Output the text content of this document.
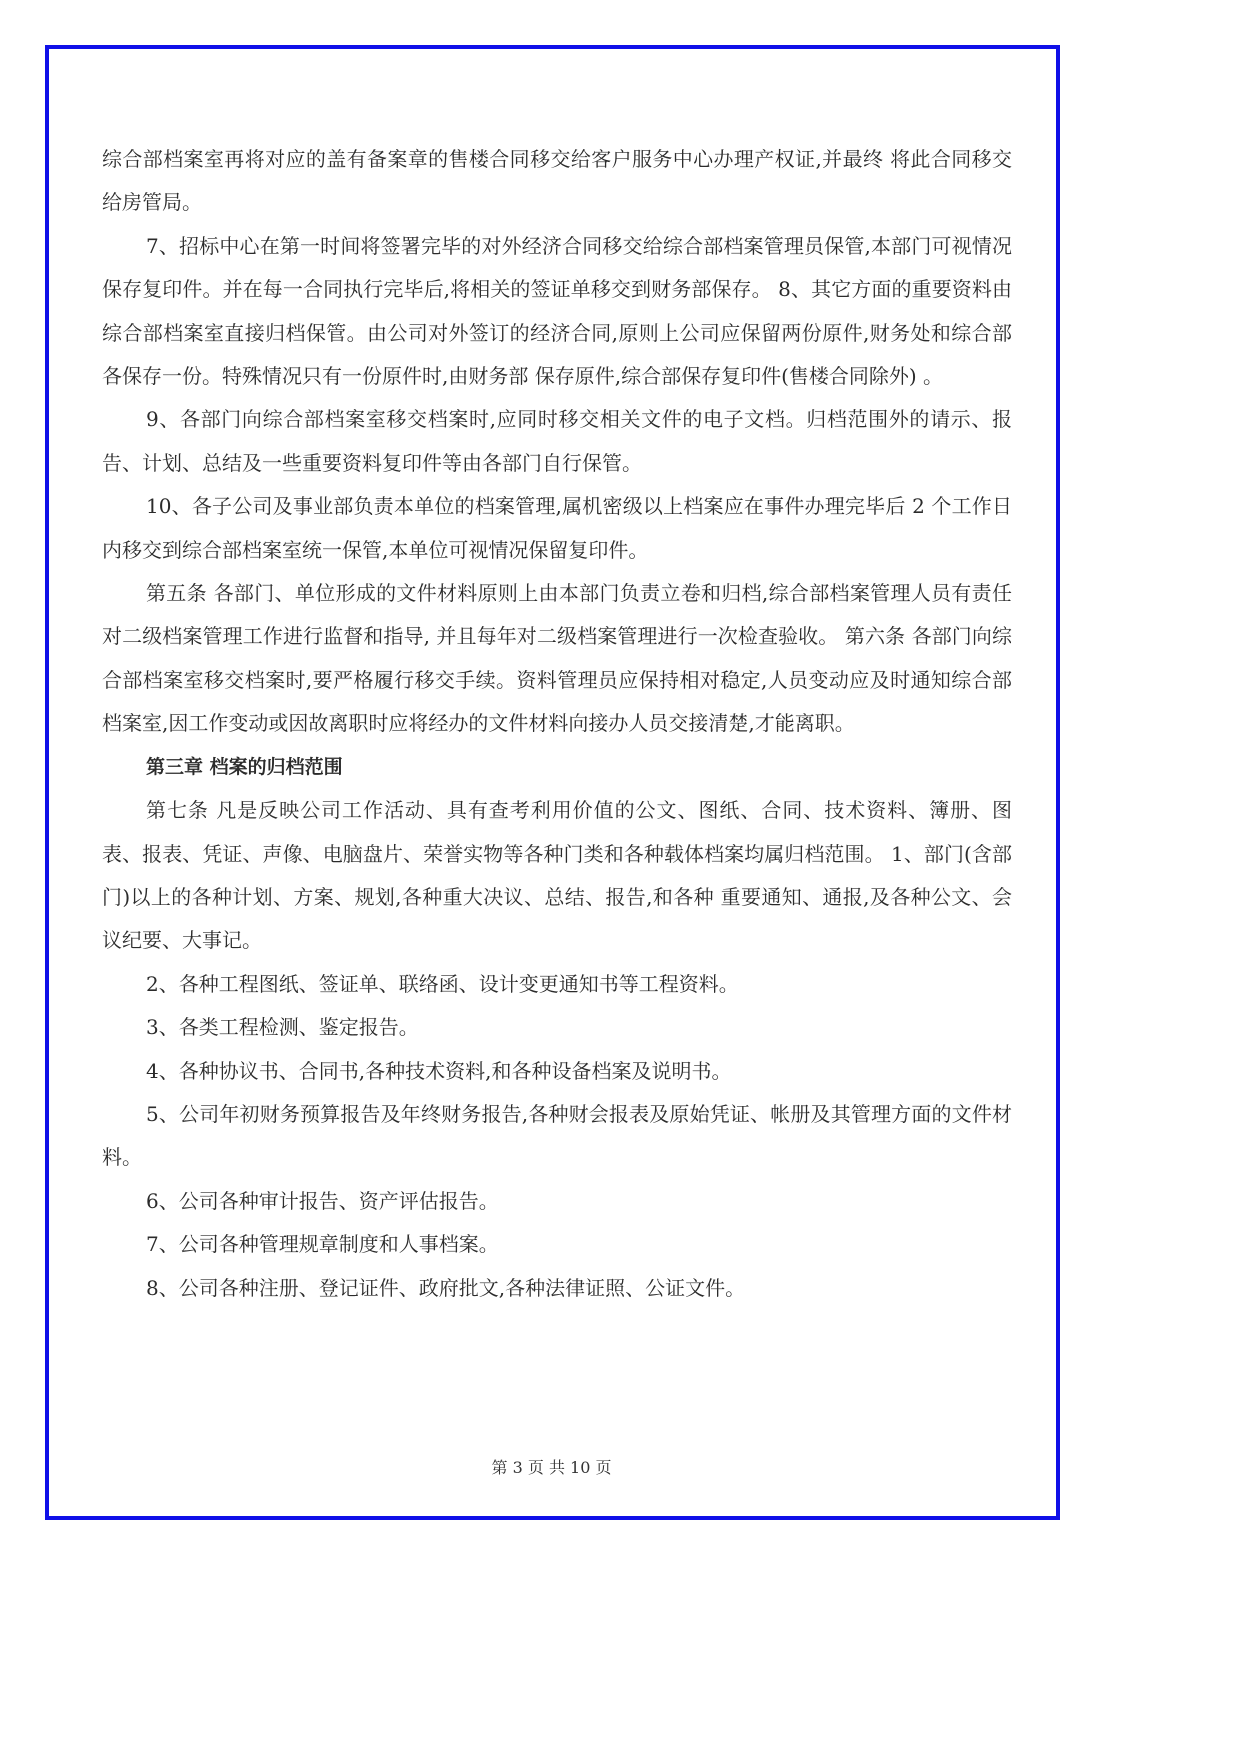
综合部档案室再将对应的盖有备案章的售楼合同移交给客户服务中心办理产权证,并最终 将此合同移交给房管局。

7、招标中心在第一时间将签署完毕的对外经济合同移交给综合部档案管理员保管,本部门可视情况保存复印件。并在每一合同执行完毕后,将相关的签证单移交到财务部保存。 8、其它方面的重要资料由综合部档案室直接归档保管。由公司对外签订的经济合同,原则上公司应保留两份原件,财务处和综合部各保存一份。特殊情况只有一份原件时,由财务部 保存原件,综合部保存复印件(售楼合同除外) 。

9、各部门向综合部档案室移交档案时,应同时移交相关文件的电子文档。归档范围外的请示、报告、计划、总结及一些重要资料复印件等由各部门自行保管。

10、各子公司及事业部负责本单位的档案管理,属机密级以上档案应在事件办理完毕后 2 个工作日内移交到综合部档案室统一保管,本单位可视情况保留复印件。

第五条 各部门、单位形成的文件材料原则上由本部门负责立卷和归档,综合部档案管理人员有责任对二级档案管理工作进行监督和指导, 并且每年对二级档案管理进行一次检查验收。 第六条 各部门向综合部档案室移交档案时,要严格履行移交手续。资料管理员应保持相对稳定,人员变动应及时通知综合部档案室,因工作变动或因故离职时应将经办的文件材料向接办人员交接清楚,才能离职。

第三章 档案的归档范围

第七条 凡是反映公司工作活动、具有查考利用价值的公文、图纸、合同、技术资料、簿册、图表、报表、凭证、声像、电脑盘片、荣誉实物等各种门类和各种载体档案均属归档范围。 1、部门(含部门)以上的各种计划、方案、规划,各种重大决议、总结、报告,和各种 重要通知、通报,及各种公文、会议纪要、大事记。

2、各种工程图纸、签证单、联络函、设计变更通知书等工程资料。

3、各类工程检测、鉴定报告。

4、各种协议书、合同书,各种技术资料,和各种设备档案及说明书。

5、公司年初财务预算报告及年终财务报告,各种财会报表及原始凭证、帐册及其管理方面的文件材料。

6、公司各种审计报告、资产评估报告。

7、公司各种管理规章制度和人事档案。

8、公司各种注册、登记证件、政府批文,各种法律证照、公证文件。

第 3 页 共 10 页
